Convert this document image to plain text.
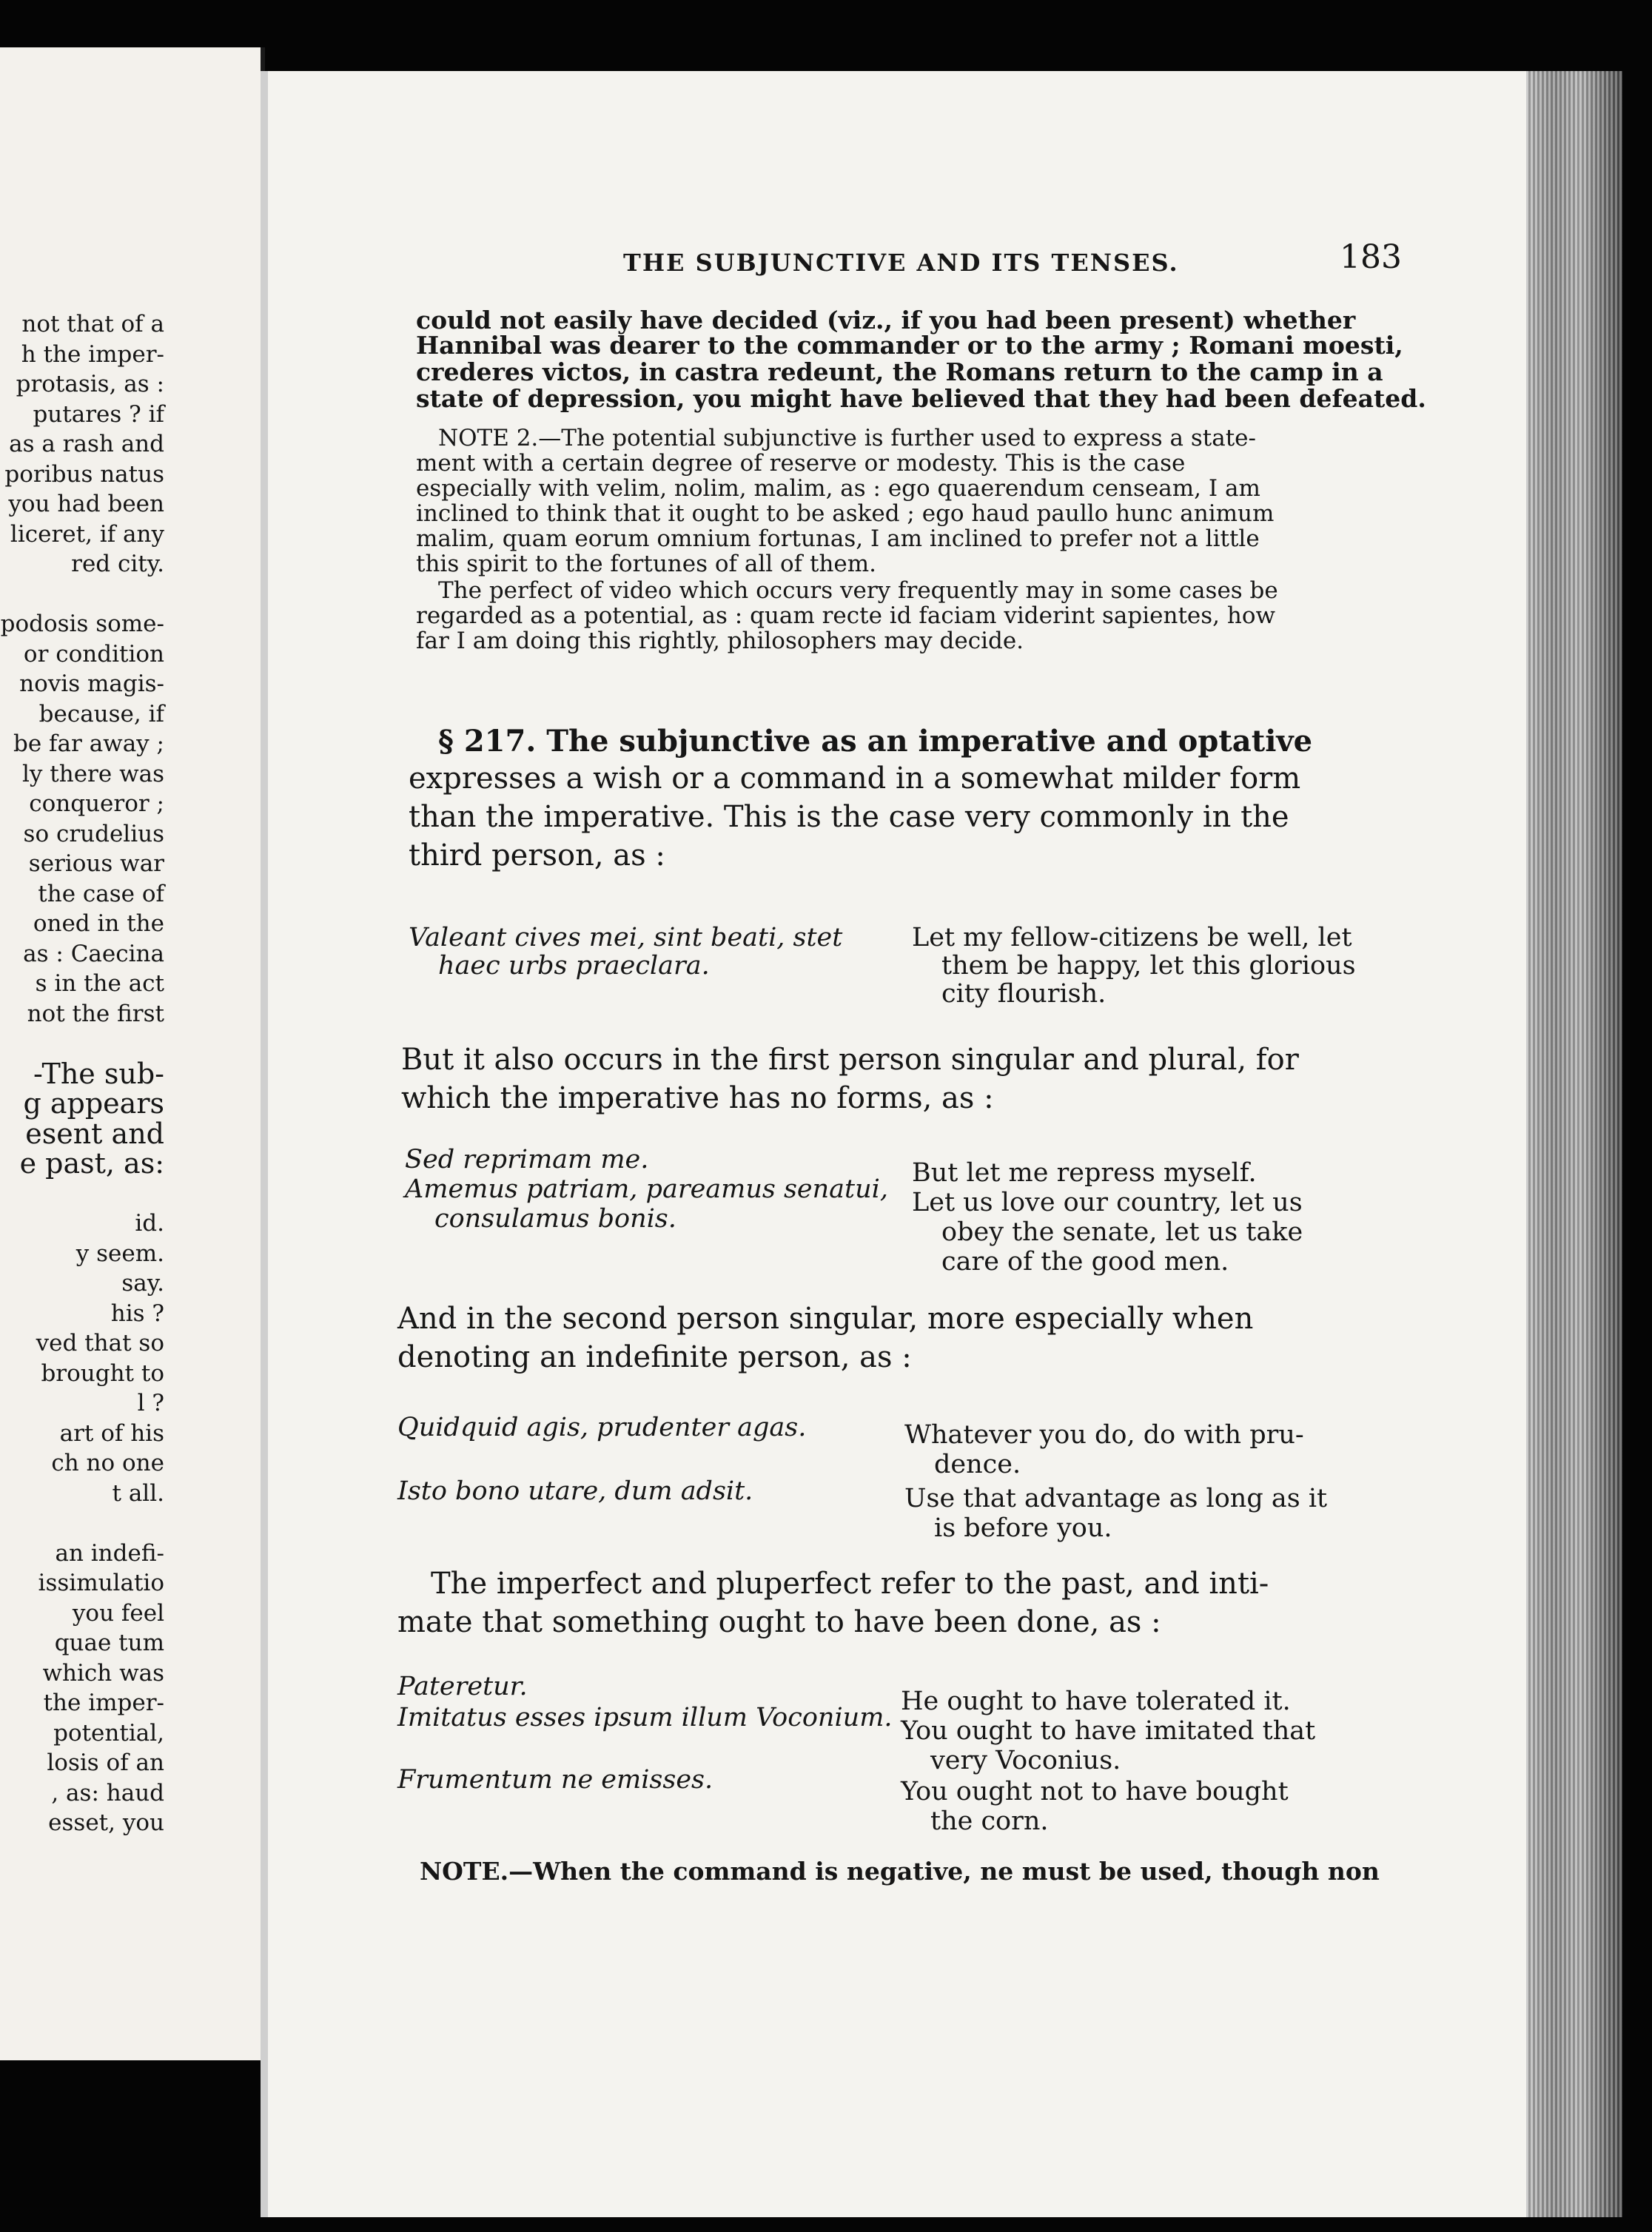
not that of a
h the imper-
protasis, as :
putares ? if
as a rash and
poribus natus
you had been
liceret, if any
red city.
podosis some-
or condition
novis magis-
because, if
be far away ;
ly there was
conqueror ;
so crudelius
serious war
the case of
oned in the
as : Caecina
s in the act
not the first
-The sub-
g appears
esent and
e past, as:
id.
y seem.
say.
his ?
ved that so
brought to
l ?
art of his
ch no one
t all.
an indefi-
issimulatio
you feel
quae tum
which was
the imper-
potential,
losis of an
, as: haud
esset, you
THE SUBJUNCTIVE AND ITS TENSES.	183
could not easily have decided (viz., if you had been present) whether
Hannibal was dearer to the commander or to the army ; Romani moesti,
crederes victos, in castra redeunt, the Romans return to the camp in a
state of depression, you might have believed that they had been defeated.
NOTE 2.—The potential subjunctive is further used to express a state-
ment with a certain degree of reserve or modesty. This is the case
especially with velim, nolim, malim, as : ego quaerendum censeam, I am
inclined to think that it ought to be asked ; ego haud paullo hunc animum
malim, quam eorum omnium fortunas, I am inclined to prefer not a little
this spirit to the fortunes of all of them.
The perfect of video which occurs very frequently may in some cases be
regarded as a potential, as : quam recte id faciam viderint sapientes, how
far I am doing this rightly, philosophers may decide.
§ 217. The subjunctive as an imperative and optative
expresses a wish or a command in a somewhat milder form
than the imperative. This is the case very commonly in the
third person, as :
Valeant cives mei, sint beati, stet
haec urbs praeclara.
Let my fellow-citizens be well, let
them be happy, let this glorious
city flourish.
But it also occurs in the first person singular and plural, for
which the imperative has no forms, as :
Sed reprimam me.	But let me repress myself.
Amemus patriam, pareamus senatui,
consulamus bonis.
Let us love our country, let us
obey the senate, let us take
care of the good men.
And in the second person singular, more especially when
denoting an indefinite person, as :
Quidquid agis, prudenter agas.	Whatever you do, do with pru-
dence.
Isto bono utare, dum adsit.	Use that advantage as long as it
is before you.
The imperfect and pluperfect refer to the past, and inti-
mate that something ought to have been done, as :
Pateretur.	He ought to have tolerated it.
Imitatus esses ipsum illum Voconium. You ought to have imitated that
very Voconius.
Frumentum ne emisses.	You ought not to have bought
the corn.
NOTE.—When the command is negative, ne must be used, though non
